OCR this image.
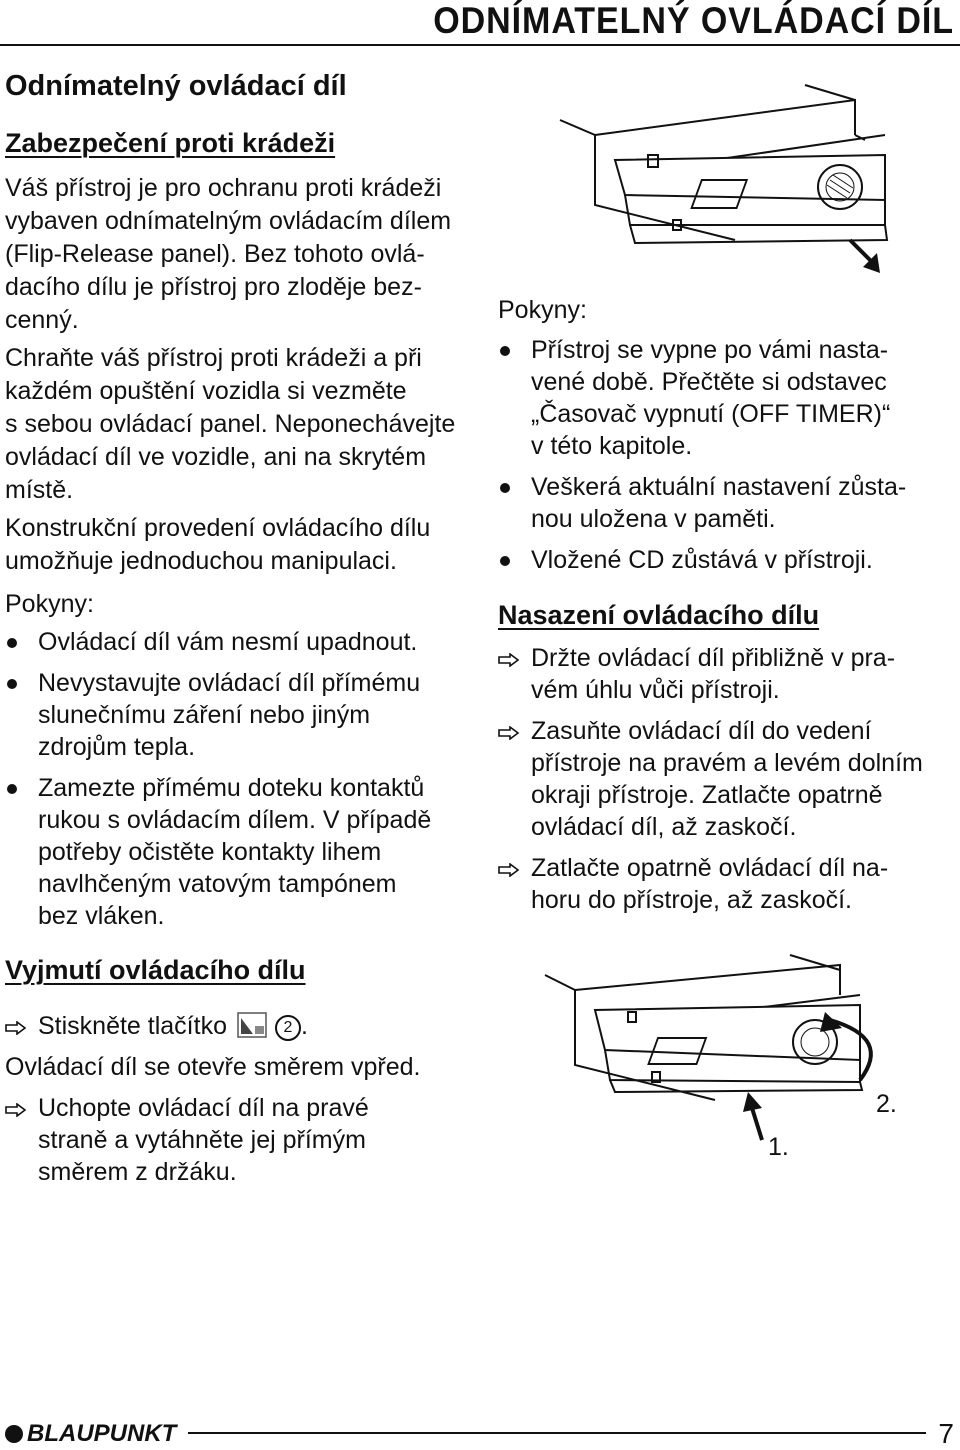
ODNÍMATELNÝ OVLÁDACÍ DÍL
Odnímatelný ovládací díl
Zabezpečení proti krádeži

Váš přístroj je pro ochranu proti krádeži

vybaven odnímatelným ovládacím dílem

(Flip-Release panel). Bez tohoto ovlá-

dacího dílu je přístroj pro zloděje bez-

cenný.

Chraňte váš přístroj proti krádeži a při

každém opuštění vozidla si vezměte

s sebou ovládací panel. Neponechávejte

ovládací díl ve vozidle, ani na skrytém

místě.

Konstrukční provedení ovládacího dílu

umožňuje jednoduchou manipulaci.

Pokyny:
Ovládací díl vám nesmí upadnout.
Nevystavujte ovládací díl přímému
slunečnímu záření nebo jiným
zdrojům tepla.
Zamezte přímému doteku kontaktů
rukou s ovládacím dílem. V případě
potřeby očistěte kontakty lihem
navlhčeným vatovým tampónem
bez vláken.
Vyjmutí ovládacího dílu
Stiskněte tlačítko	2 .
Ovládací díl se otevře směrem vpřed.
Uchopte ovládací díl na pravé
straně a vytáhněte jej přímým
směrem z držáku.
Pokyny:
Přístroj se vypne po vámi nasta-
vené době. Přečtěte si odstavec
„Časovač vypnutí (OFF TIMER)“
v této kapitole.
Veškerá aktuální nastavení zůsta-
nou uložena v paměti.
Vložené CD zůstává v přístroji.
Nasazení ovládacího dílu
Držte ovládací díl přibližně v pra-
vém úhlu vůči přístroji.
Zasuňte ovládací díl do vedení
přístroje na pravém a levém dolním
okraji přístroje. Zatlačte opatrně
ovládací díl, až zaskočí.
Zatlačte opatrně ovládací díl na-
horu do přístroje, až zaskočí.
1.
2.
BLAUPUNKT	7
